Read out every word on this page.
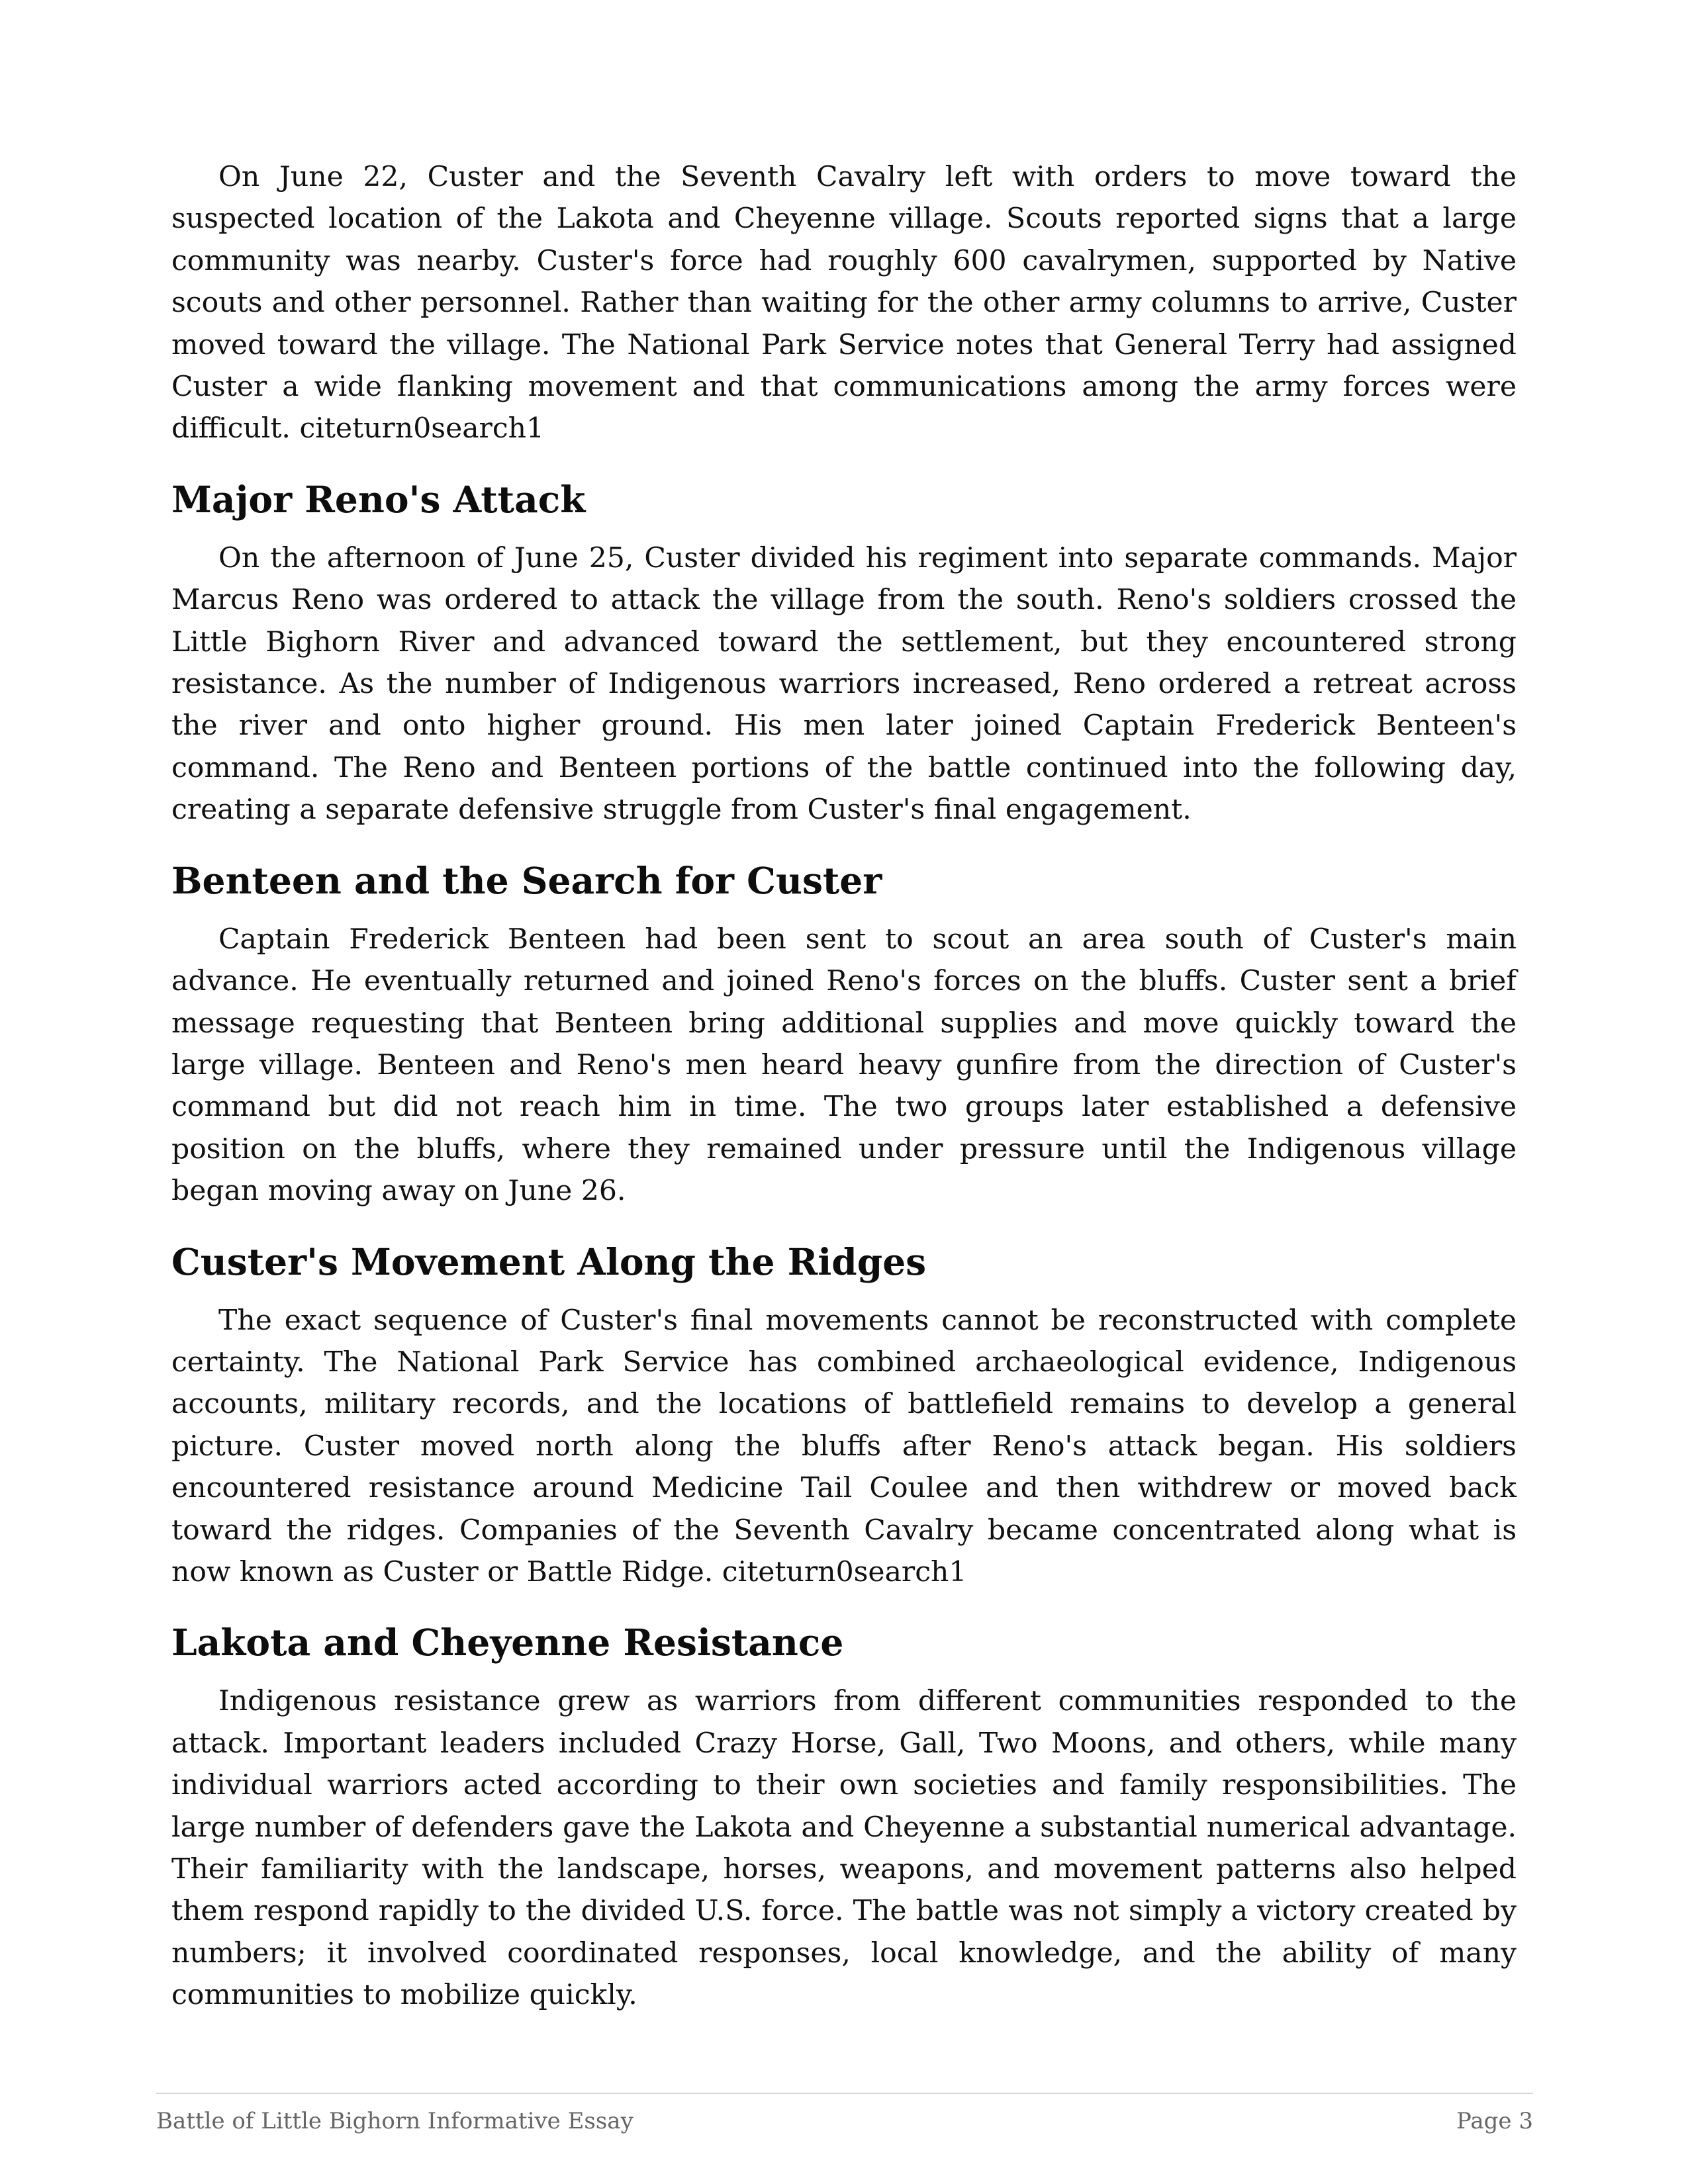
On June 22, Custer and the Seventh Cavalry left with orders to move toward the suspected location of the Lakota and Cheyenne village. Scouts reported signs that a large community was nearby. Custer's force had roughly 600 cavalrymen, supported by Native scouts and other personnel. Rather than waiting for the other army columns to arrive, Custer moved toward the village. The National Park Service notes that General Terry had assigned Custer a wide flanking movement and that communications among the army forces were difficult. citeturn0search1

Major Reno's Attack

On the afternoon of June 25, Custer divided his regiment into separate commands. Major Marcus Reno was ordered to attack the village from the south. Reno's soldiers crossed the Little Bighorn River and advanced toward the settlement, but they encountered strong resistance. As the number of Indigenous warriors increased, Reno ordered a retreat across the river and onto higher ground. His men later joined Captain Frederick Benteen's command. The Reno and Benteen portions of the battle continued into the following day, creating a separate defensive struggle from Custer's final engagement.

Benteen and the Search for Custer

Captain Frederick Benteen had been sent to scout an area south of Custer's main advance. He eventually returned and joined Reno's forces on the bluffs. Custer sent a brief message requesting that Benteen bring additional supplies and move quickly toward the large village. Benteen and Reno's men heard heavy gunfire from the direction of Custer's command but did not reach him in time. The two groups later established a defensive position on the bluffs, where they remained under pressure until the Indigenous village began moving away on June 26.

Custer's Movement Along the Ridges

The exact sequence of Custer's final movements cannot be reconstructed with complete certainty. The National Park Service has combined archaeological evidence, Indigenous accounts, military records, and the locations of battlefield remains to develop a general picture. Custer moved north along the bluffs after Reno's attack began. His soldiers encountered resistance around Medicine Tail Coulee and then withdrew or moved back toward the ridges. Companies of the Seventh Cavalry became concentrated along what is now known as Custer or Battle Ridge. citeturn0search1

Lakota and Cheyenne Resistance

Indigenous resistance grew as warriors from different communities responded to the attack. Important leaders included Crazy Horse, Gall, Two Moons, and others, while many individual warriors acted according to their own societies and family responsibilities. The large number of defenders gave the Lakota and Cheyenne a substantial numerical advantage. Their familiarity with the landscape, horses, weapons, and movement patterns also helped them respond rapidly to the divided U.S. force. The battle was not simply a victory created by numbers; it involved coordinated responses, local knowledge, and the ability of many communities to mobilize quickly.

Battle of Little Bighorn Informative Essay	Page 3
